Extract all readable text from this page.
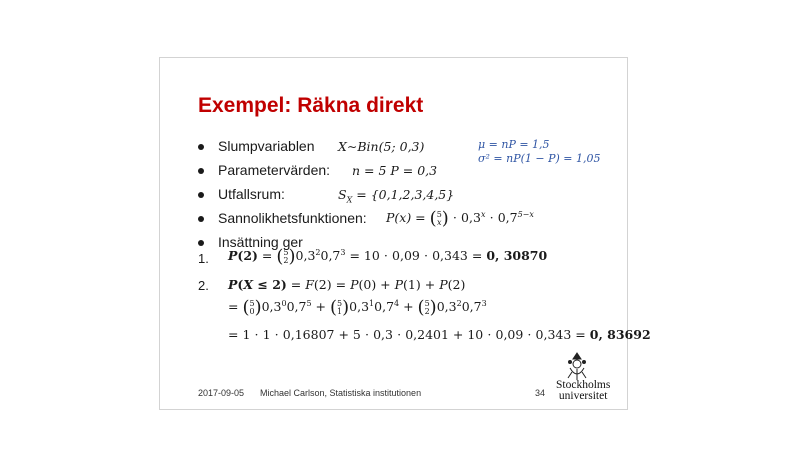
Exempel: Räkna direkt
Slumpvariablen X∼Bin(5; 0,3)
Parametervärden: n = 5 P = 0,3
Utfallsrum:	$S_X = \{0,1,2,3,4,5\}$
Sannolikhetsfunktionen: P(x) = (5
$x) \cdot 0,3^x \cdot 0,7^{5-x}$
Insättning ger
μ = nP = 1,5
σ² = nP(1 − P) = 1,05
1. P(2) = (5
$2)0,3^20,7^3 = 10 \cdot 0,09 \cdot 0,343 = 0$, 30870
2. P(X ≤ 2) = F(2) = P(0) + P(1) + P(2)
= (5
$0)0,3^00,7^5 + (5$
$1)0,3^10,7^4 + (5$
$2)0,3^20,7^3$
= 1 ⋅ 1 ⋅ 0,16807 + 5 ⋅ 0,3 ⋅ 0,2401 + 10 ⋅ 0,09 ⋅ 0,343 = 0, 83692
2017-09-05 Michael Carlson, Statistiska institutionen	34
Stockholms
universitet
